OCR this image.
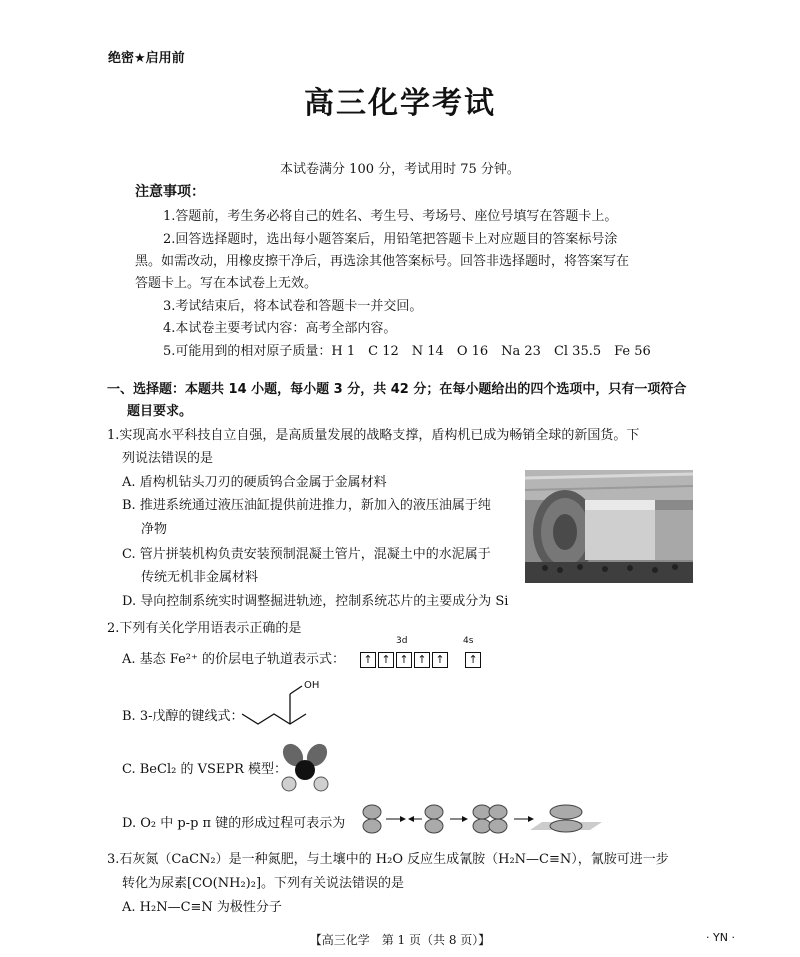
绝密★启用前
高三化学考试
本试卷满分 100 分，考试用时 75 分钟。
注意事项：
1.答题前，考生务必将自己的姓名、考生号、考场号、座位号填写在答题卡上。
2.回答选择题时，选出每小题答案后，用铅笔把答题卡上对应题目的答案标号涂
黑。如需改动，用橡皮擦干净后，再选涂其他答案标号。回答非选择题时，将答案写在
答题卡上。写在本试卷上无效。
3.考试结束后，将本试卷和答题卡一并交回。
4.本试卷主要考试内容：高考全部内容。
5.可能用到的相对原子质量：H 1　C 12　N 14　O 16　Na 23　Cl 35.5　Fe 56
一、选择题：本题共 14 小题，每小题 3 分，共 42 分；在每小题给出的四个选项中，只有一项符合
题目要求。
1.实现高水平科技自立自强，是高质量发展的战略支撑，盾构机已成为畅销全球的新国货。下
列说法错误的是
A. 盾构机钻头刀刃的硬质钨合金属于金属材料
B. 推进系统通过液压油缸提供前进推力，新加入的液压油属于纯
净物
C. 管片拼装机构负责安装预制混凝土管片，混凝土中的水泥属于
传统无机非金属材料
D. 导向控制系统实时调整掘进轨迹，控制系统芯片的主要成分为 Si
2.下列有关化学用语表示正确的是
A. 基态 Fe²⁺ 的价层电子轨道表示式：
3d	4s
↑ ↑ ↑ ↑ ↑ ↑
B. 3-戊醇的键线式：
OH
C. BeCl₂ 的 VSEPR 模型：
D. O₂ 中 p-p π 键的形成过程可表示为
3.石灰氮（CaCN₂）是一种氮肥，与土壤中的 H₂O 反应生成氰胺（H₂N—C≡N），氰胺可进一步
转化为尿素[CO(NH₂)₂]。下列有关说法错误的是
A. H₂N—C≡N 为极性分子
【高三化学　第 1 页（共 8 页）】	· YN ·
